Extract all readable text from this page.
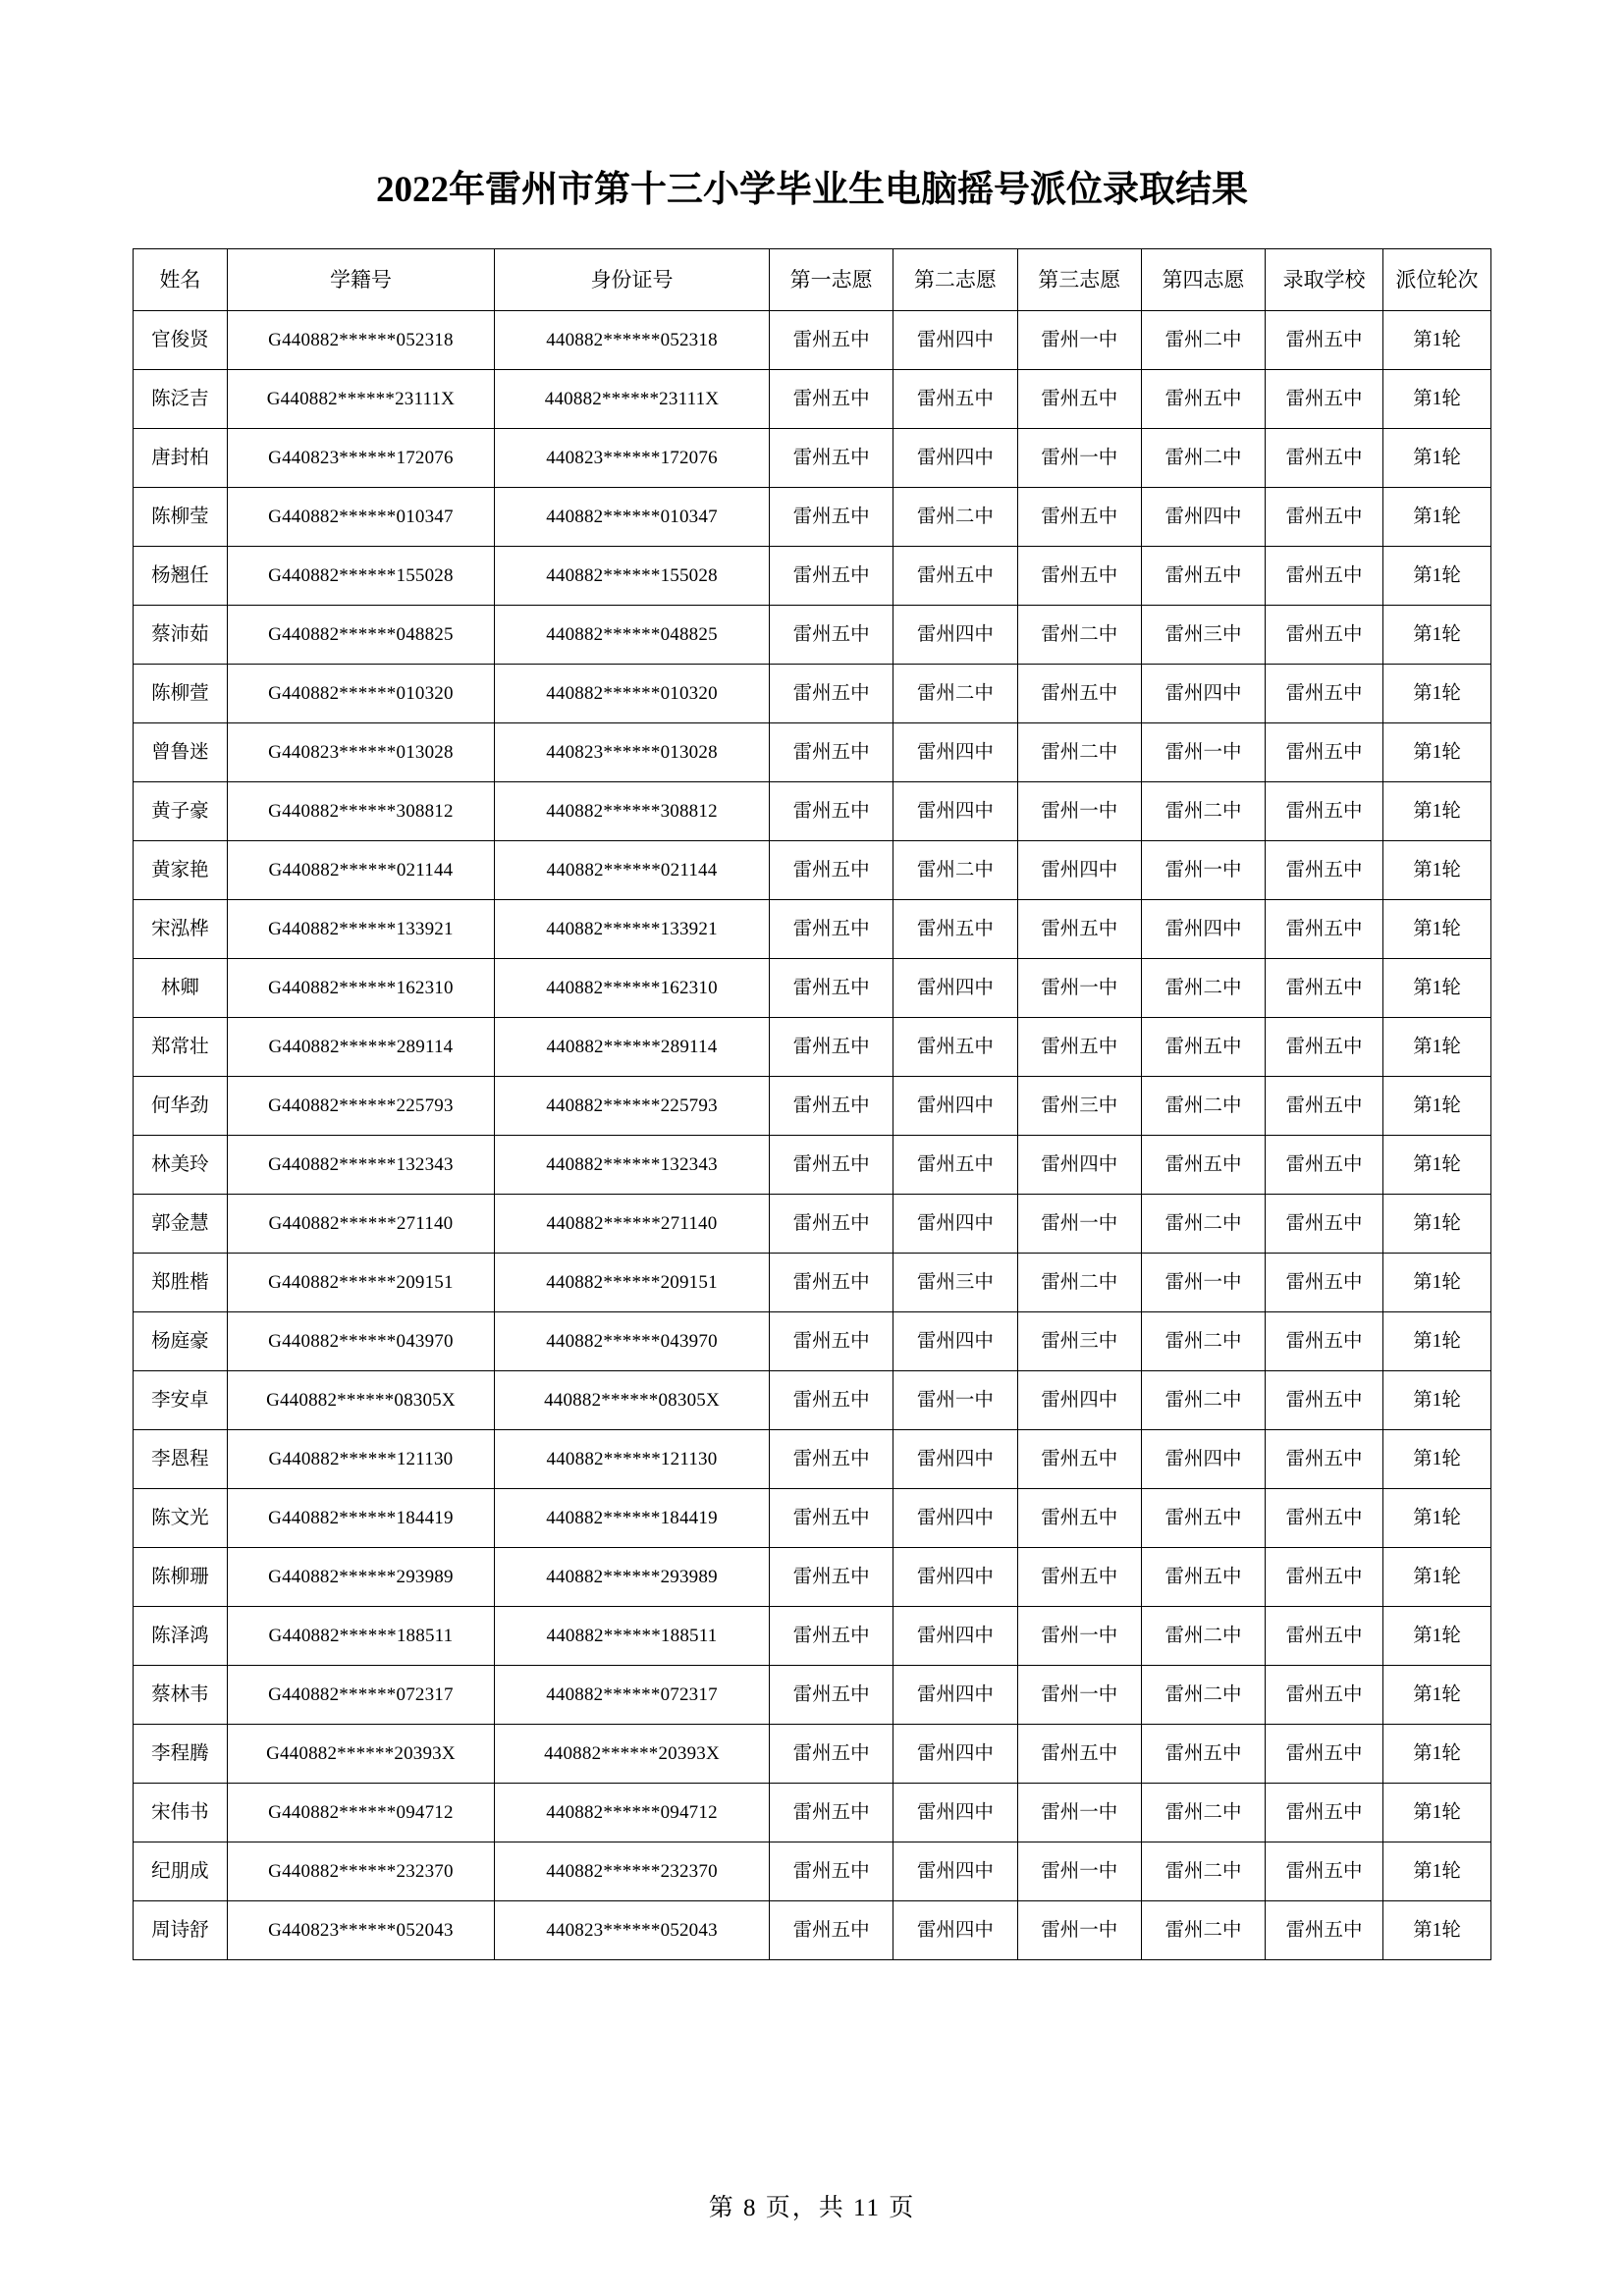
2022年雷州市第十三小学毕业生电脑摇号派位录取结果
姓名	学籍号	身份证号	第一志愿	第二志愿	第三志愿	第四志愿	录取学校	派位轮次
官俊贤	G440882******052318	440882******052318	雷州五中	雷州四中	雷州一中	雷州二中	雷州五中	第1轮
陈泛吉	G440882******23111X	440882******23111X	雷州五中	雷州五中	雷州五中	雷州五中	雷州五中	第1轮
唐封柏	G440823******172076	440823******172076	雷州五中	雷州四中	雷州一中	雷州二中	雷州五中	第1轮
陈柳莹	G440882******010347	440882******010347	雷州五中	雷州二中	雷州五中	雷州四中	雷州五中	第1轮
杨翘任	G440882******155028	440882******155028	雷州五中	雷州五中	雷州五中	雷州五中	雷州五中	第1轮
蔡沛茹	G440882******048825	440882******048825	雷州五中	雷州四中	雷州二中	雷州三中	雷州五中	第1轮
陈柳萱	G440882******010320	440882******010320	雷州五中	雷州二中	雷州五中	雷州四中	雷州五中	第1轮
曾鲁迷	G440823******013028	440823******013028	雷州五中	雷州四中	雷州二中	雷州一中	雷州五中	第1轮
黄子豪	G440882******308812	440882******308812	雷州五中	雷州四中	雷州一中	雷州二中	雷州五中	第1轮
黄家艳	G440882******021144	440882******021144	雷州五中	雷州二中	雷州四中	雷州一中	雷州五中	第1轮
宋泓桦	G440882******133921	440882******133921	雷州五中	雷州五中	雷州五中	雷州四中	雷州五中	第1轮
林卿	G440882******162310	440882******162310	雷州五中	雷州四中	雷州一中	雷州二中	雷州五中	第1轮
郑常壮	G440882******289114	440882******289114	雷州五中	雷州五中	雷州五中	雷州五中	雷州五中	第1轮
何华劲	G440882******225793	440882******225793	雷州五中	雷州四中	雷州三中	雷州二中	雷州五中	第1轮
林美玲	G440882******132343	440882******132343	雷州五中	雷州五中	雷州四中	雷州五中	雷州五中	第1轮
郭金慧	G440882******271140	440882******271140	雷州五中	雷州四中	雷州一中	雷州二中	雷州五中	第1轮
郑胜楷	G440882******209151	440882******209151	雷州五中	雷州三中	雷州二中	雷州一中	雷州五中	第1轮
杨庭豪	G440882******043970	440882******043970	雷州五中	雷州四中	雷州三中	雷州二中	雷州五中	第1轮
李安卓	G440882******08305X	440882******08305X	雷州五中	雷州一中	雷州四中	雷州二中	雷州五中	第1轮
李恩程	G440882******121130	440882******121130	雷州五中	雷州四中	雷州五中	雷州四中	雷州五中	第1轮
陈文光	G440882******184419	440882******184419	雷州五中	雷州四中	雷州五中	雷州五中	雷州五中	第1轮
陈柳珊	G440882******293989	440882******293989	雷州五中	雷州四中	雷州五中	雷州五中	雷州五中	第1轮
陈泽鸿	G440882******188511	440882******188511	雷州五中	雷州四中	雷州一中	雷州二中	雷州五中	第1轮
蔡林韦	G440882******072317	440882******072317	雷州五中	雷州四中	雷州一中	雷州二中	雷州五中	第1轮
李程腾	G440882******20393X	440882******20393X	雷州五中	雷州四中	雷州五中	雷州五中	雷州五中	第1轮
宋伟书	G440882******094712	440882******094712	雷州五中	雷州四中	雷州一中	雷州二中	雷州五中	第1轮
纪朋成	G440882******232370	440882******232370	雷州五中	雷州四中	雷州一中	雷州二中	雷州五中	第1轮
周诗舒	G440823******052043	440823******052043	雷州五中	雷州四中	雷州一中	雷州二中	雷州五中	第1轮
第 8 页，共 11 页
